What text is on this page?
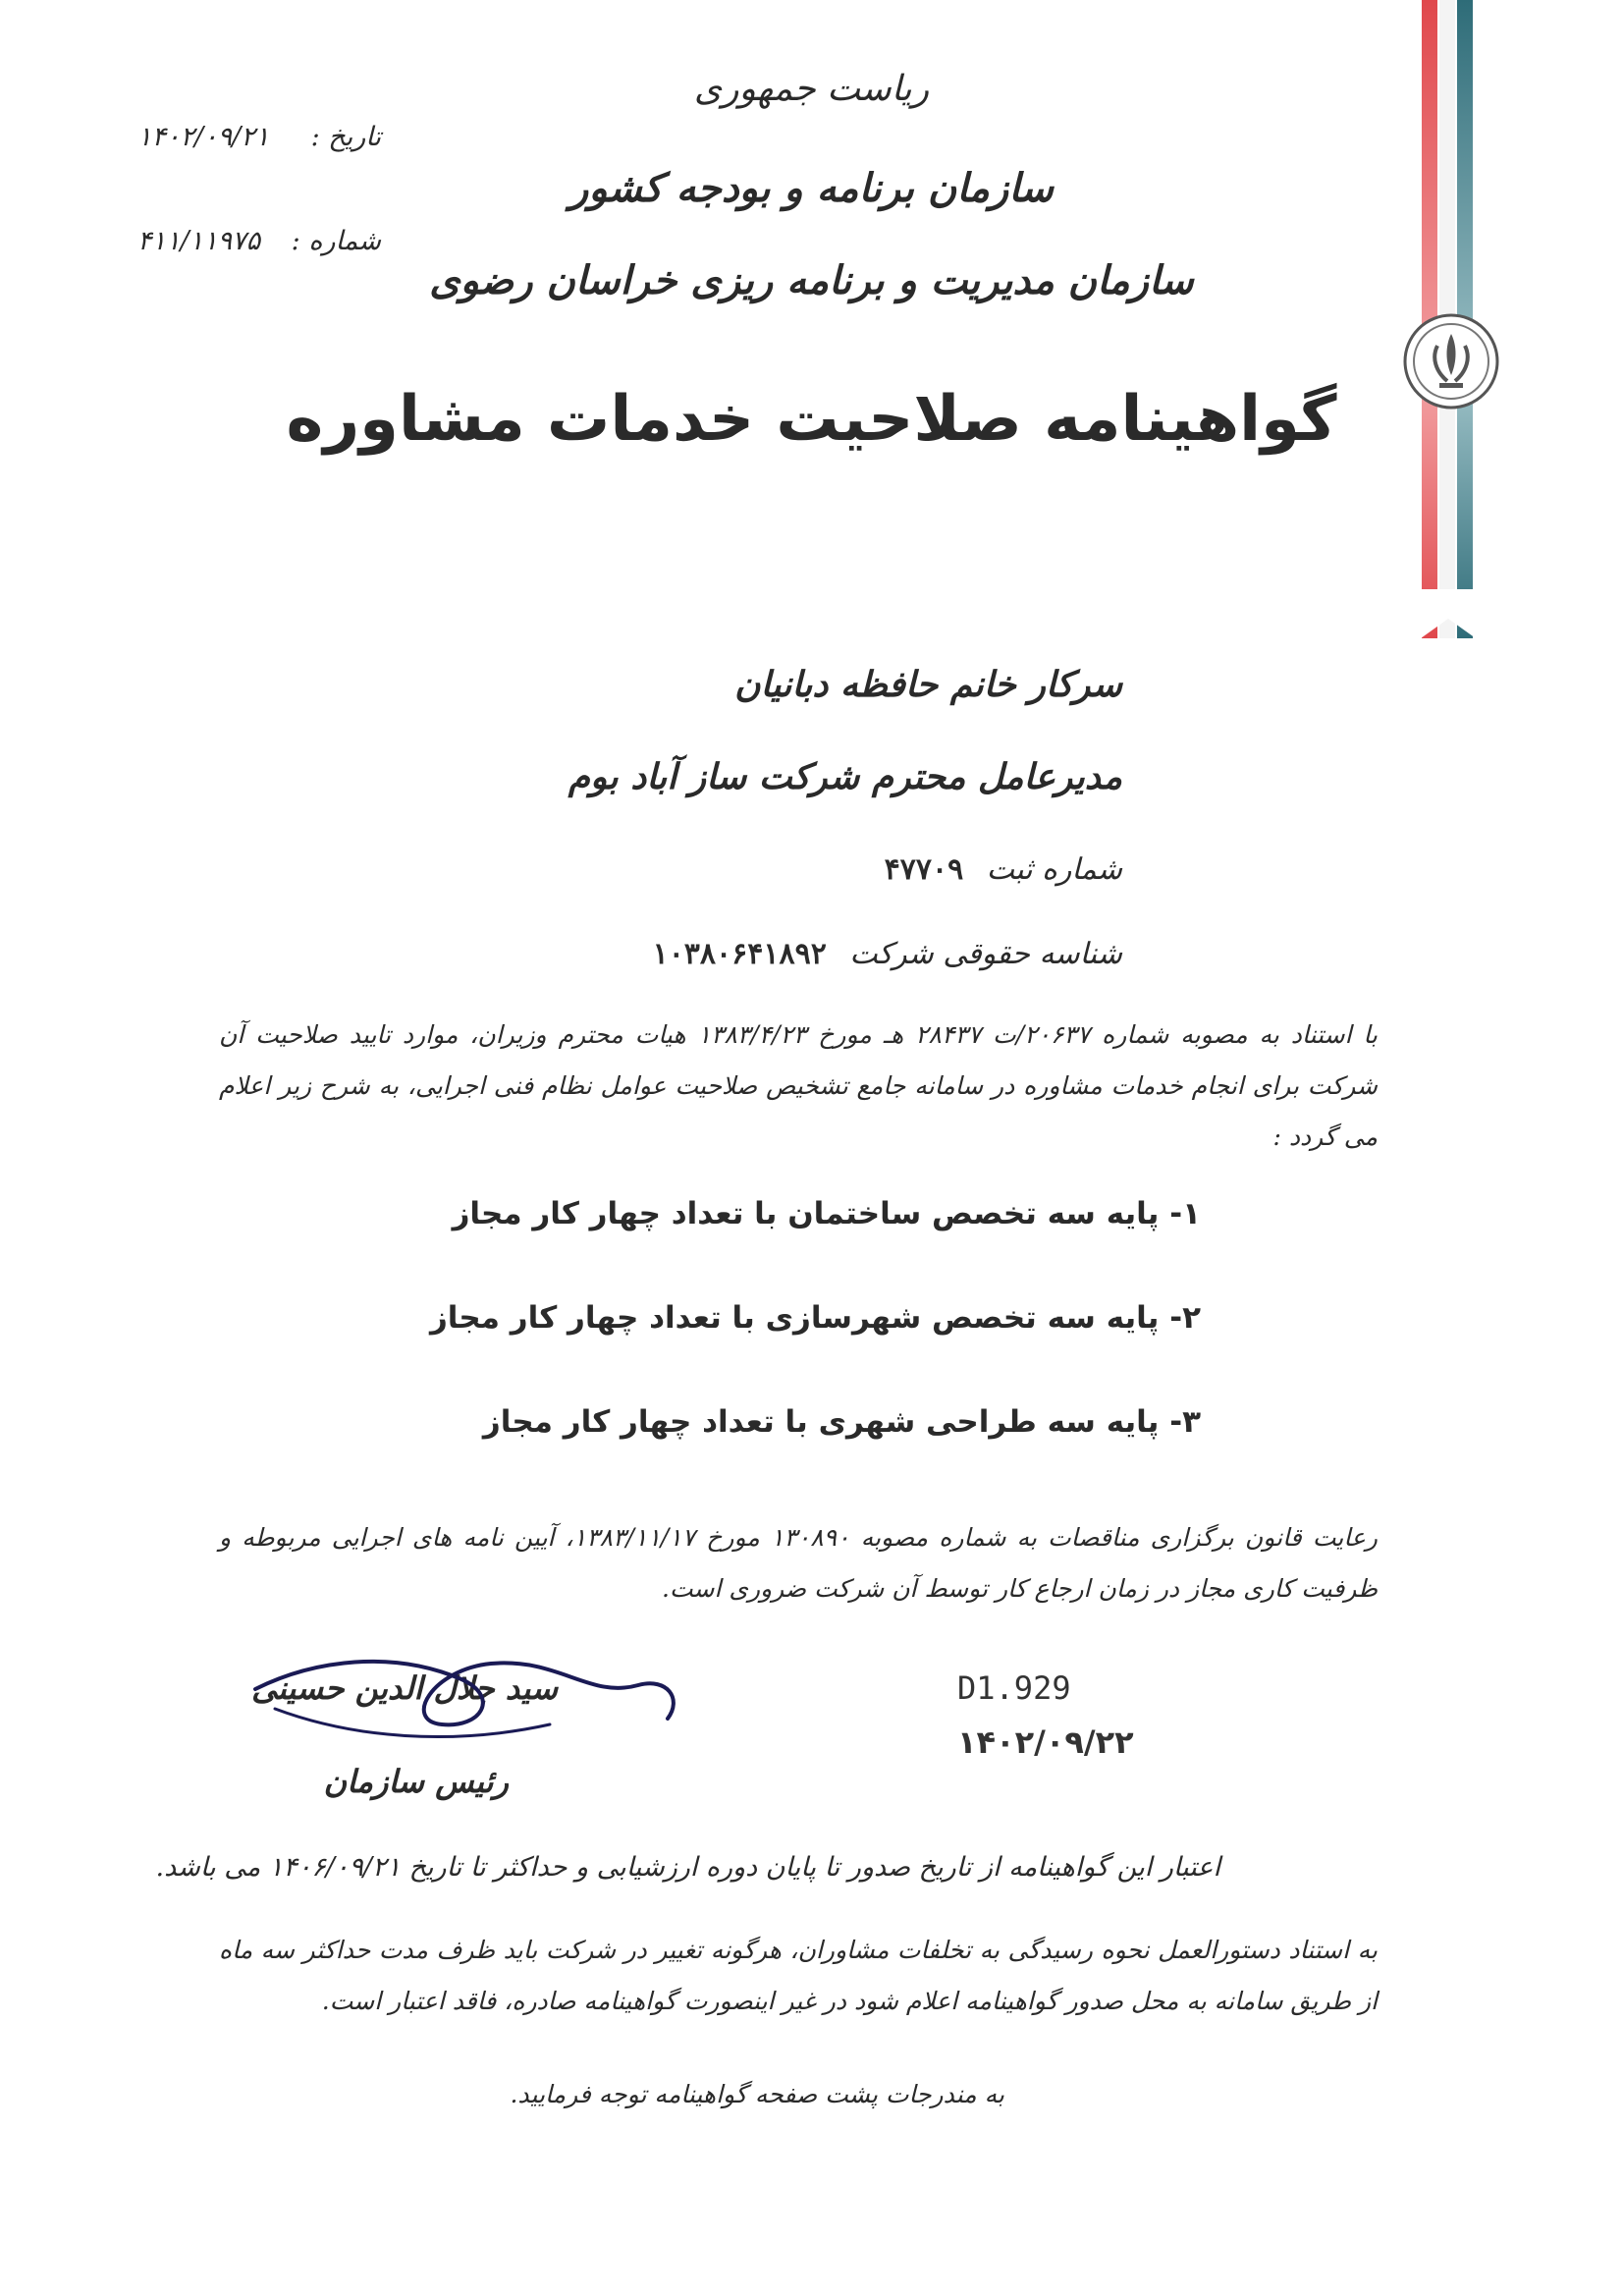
ریاست جمهوری
سازمان برنامه و بودجه کشور
سازمان مدیریت و برنامه ریزی خراسان رضوی
گواهینامه صلاحیت خدمات مشاوره
تاریخ :
۱۴۰۲/۰۹/۲۱
شماره :
۴۱۱/۱۱۹۷۵
سرکار خانم حافظه دبانیان
مدیرعامل محترم شرکت ساز آباد بوم
شماره ثبت ۴۷۷۰۹
شناسه حقوقی شرکت ۱۰۳۸۰۶۴۱۸۹۲
با استناد به مصوبه شماره ۲۰۶۳۷/ت ۲۸۴۳۷ هـ مورخ ۱۳۸۳/۴/۲۳ هیات محترم وزیران، موارد تایید صلاحیت آن شرکت برای انجام خدمات مشاوره در سامانه جامع تشخیص صلاحیت عوامل نظام فنی اجرایی، به شرح زیر اعلام می گردد :
۱- پایه سه تخصص ساختمان با تعداد چهار کار مجاز
۲- پایه سه تخصص شهرسازی با تعداد چهار کار مجاز
۳- پایه سه طراحی شهری با تعداد چهار کار مجاز
رعایت قانون برگزاری مناقصات به شماره مصوبه ۱۳۰۸۹۰ مورخ ۱۳۸۳/۱۱/۱۷، آیین نامه های اجرایی مربوطه و ظرفیت کاری مجاز در زمان ارجاع کار توسط آن شرکت ضروری است.
سید جلال الدین حسینی
رئیس سازمان
D1.929
۱۴۰۲/۰۹/۲۲
اعتبار این گواهینامه از تاریخ صدور تا پایان دوره ارزشیابی و حداکثر تا تاریخ ۱۴۰۶/۰۹/۲۱ می باشد.
به استناد دستورالعمل نحوه رسیدگی به تخلفات مشاوران، هرگونه تغییر در شرکت باید ظرف مدت حداکثر سه ماه از طریق سامانه به محل صدور گواهینامه اعلام شود در غیر اینصورت گواهینامه صادره، فاقد اعتبار است.
به مندرجات پشت صفحه گواهینامه توجه فرمایید.
